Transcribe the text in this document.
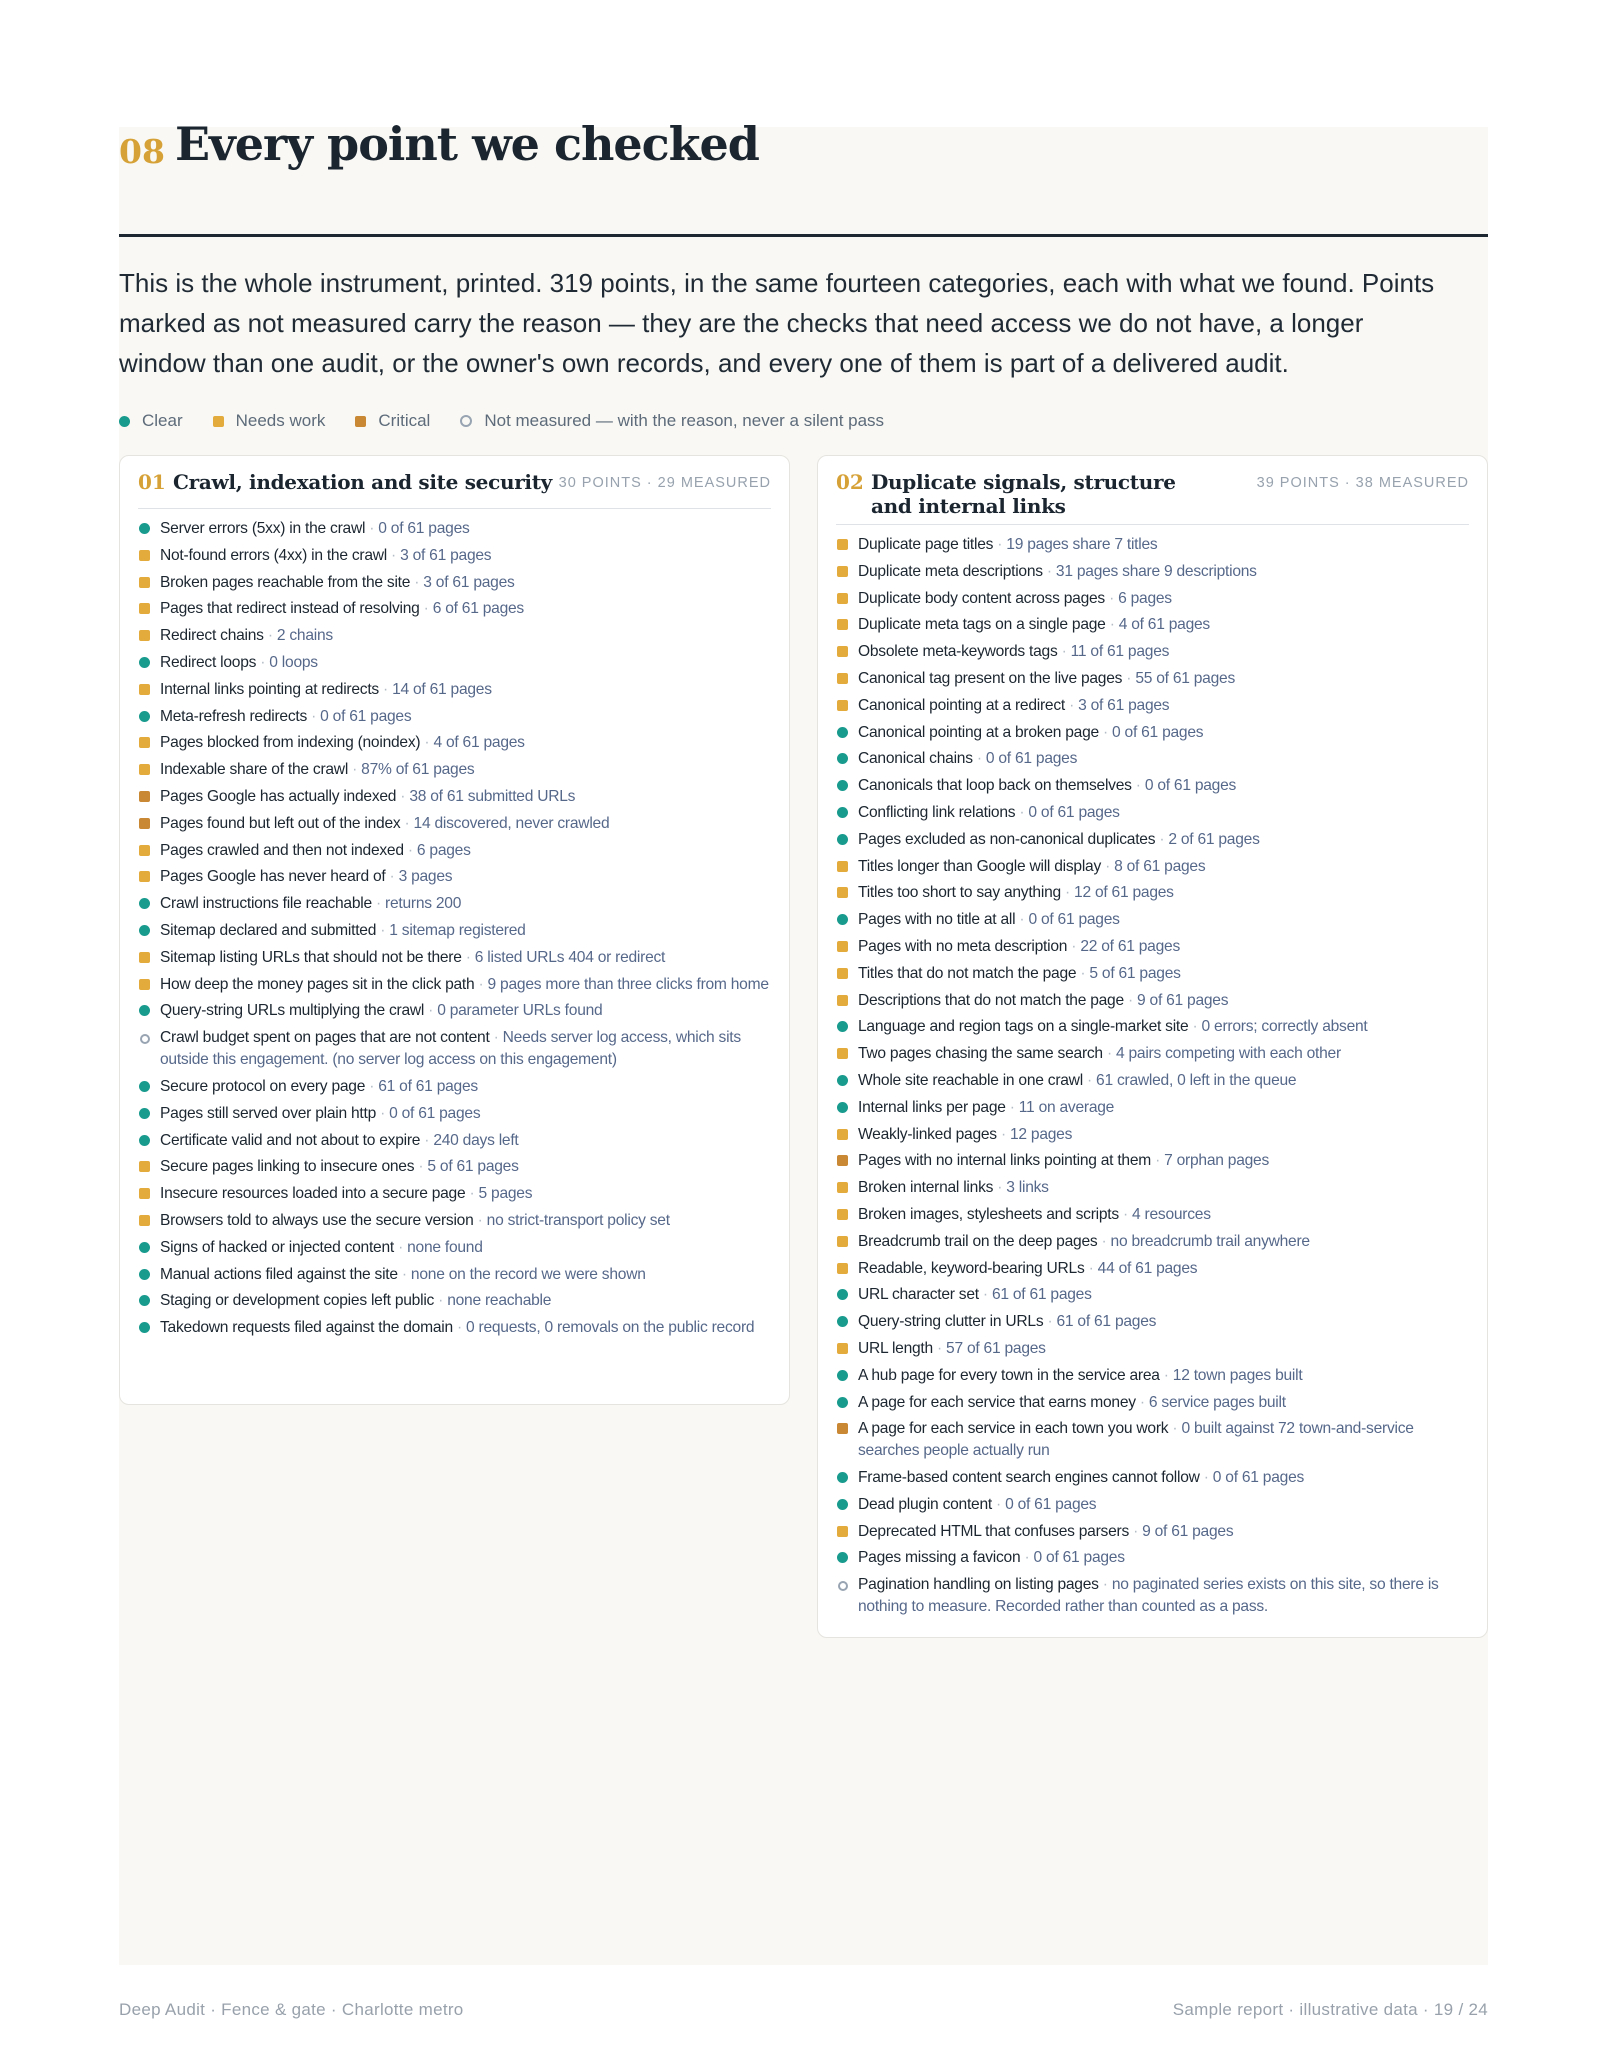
08 Every point we checked

This is the whole instrument, printed. 319 points, in the same fourteen categories, each with what we found. Points marked as not measured carry the reason — they are the checks that need access we do not have, a longer window than one audit, or the owner's own records, and every one of them is part of a delivered audit.

Clear	Needs work	Critical	Not measured — with the reason, never a silent pass
01 Crawl, indexation and site security 30 POINTS · 29 MEASURED
Server errors (5xx) in the crawl · 0 of 61 pages
Not-found errors (4xx) in the crawl · 3 of 61 pages
Broken pages reachable from the site · 3 of 61 pages
Pages that redirect instead of resolving · 6 of 61 pages
Redirect chains · 2 chains
Redirect loops · 0 loops
Internal links pointing at redirects · 14 of 61 pages
Meta-refresh redirects · 0 of 61 pages
Pages blocked from indexing (noindex) · 4 of 61 pages
Indexable share of the crawl · 87% of 61 pages
Pages Google has actually indexed · 38 of 61 submitted URLs
Pages found but left out of the index · 14 discovered, never crawled
Pages crawled and then not indexed · 6 pages
Pages Google has never heard of · 3 pages
Crawl instructions file reachable · returns 200
Sitemap declared and submitted · 1 sitemap registered
Sitemap listing URLs that should not be there · 6 listed URLs 404 or redirect
How deep the money pages sit in the click path · 9 pages more than three clicks from home
Query-string URLs multiplying the crawl · 0 parameter URLs found
Crawl budget spent on pages that are not content · Needs server log access, which sits outside this engagement. (no server log access on this engagement)
Secure protocol on every page · 61 of 61 pages
Pages still served over plain http · 0 of 61 pages
Certificate valid and not about to expire · 240 days left
Secure pages linking to insecure ones · 5 of 61 pages
Insecure resources loaded into a secure page · 5 pages
Browsers told to always use the secure version · no strict-transport policy set
Signs of hacked or injected content · none found
Manual actions filed against the site · none on the record we were shown
Staging or development copies left public · none reachable
Takedown requests filed against the domain · 0 requests, 0 removals on the public record
02 Duplicate signals, structure and internal links
39 POINTS · 38 MEASURED
Duplicate page titles · 19 pages share 7 titles
Duplicate meta descriptions · 31 pages share 9 descriptions
Duplicate body content across pages · 6 pages
Duplicate meta tags on a single page · 4 of 61 pages
Obsolete meta-keywords tags · 11 of 61 pages
Canonical tag present on the live pages · 55 of 61 pages
Canonical pointing at a redirect · 3 of 61 pages
Canonical pointing at a broken page · 0 of 61 pages
Canonical chains · 0 of 61 pages
Canonicals that loop back on themselves · 0 of 61 pages
Conflicting link relations · 0 of 61 pages
Pages excluded as non-canonical duplicates · 2 of 61 pages
Titles longer than Google will display · 8 of 61 pages
Titles too short to say anything · 12 of 61 pages
Pages with no title at all · 0 of 61 pages
Pages with no meta description · 22 of 61 pages
Titles that do not match the page · 5 of 61 pages
Descriptions that do not match the page · 9 of 61 pages
Language and region tags on a single-market site · 0 errors; correctly absent
Two pages chasing the same search · 4 pairs competing with each other
Whole site reachable in one crawl · 61 crawled, 0 left in the queue
Internal links per page · 11 on average
Weakly-linked pages · 12 pages
Pages with no internal links pointing at them · 7 orphan pages
Broken internal links · 3 links
Broken images, stylesheets and scripts · 4 resources
Breadcrumb trail on the deep pages · no breadcrumb trail anywhere
Readable, keyword-bearing URLs · 44 of 61 pages
URL character set · 61 of 61 pages
Query-string clutter in URLs · 61 of 61 pages
URL length · 57 of 61 pages
A hub page for every town in the service area · 12 town pages built
A page for each service that earns money · 6 service pages built
A page for each service in each town you work · 0 built against 72 town-and-service searches people actually run
Frame-based content search engines cannot follow · 0 of 61 pages
Dead plugin content · 0 of 61 pages
Deprecated HTML that confuses parsers · 9 of 61 pages
Pages missing a favicon · 0 of 61 pages
Pagination handling on listing pages · no paginated series exists on this site, so there is nothing to measure. Recorded rather than counted as a pass.
Deep Audit · Fence & gate · Charlotte metro	Sample report · illustrative data · 19 / 24
